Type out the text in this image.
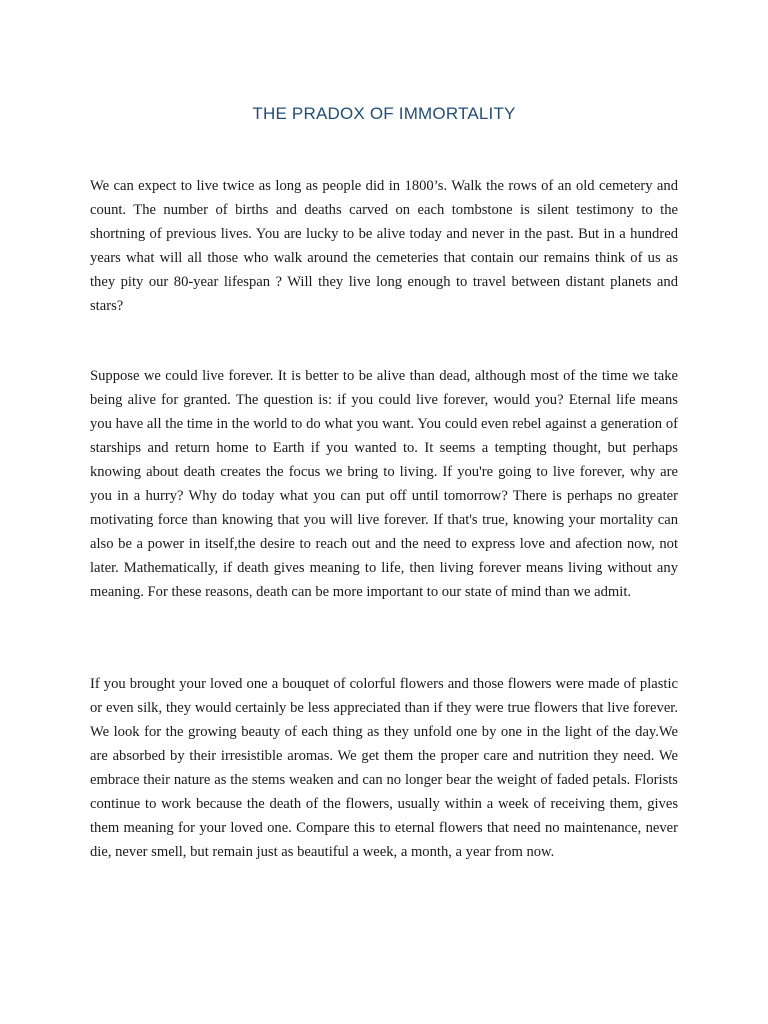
THE PRADOX OF IMMORTALITY

We can expect to live twice as long as people did in 1800’s. Walk the rows of an old cemetery and count. The number of births and deaths carved on each tombstone is silent testimony to the shortning of previous lives. You are lucky to be alive today and never in the past. But in a hundred years what will all those who walk around the cemeteries that contain our remains think of us as they pity our 80-year lifespan ? Will they live long enough to travel between distant planets and stars?

Suppose we could live forever. It is better to be alive than dead, although most of the time we take being alive for granted. The question is: if you could live forever, would you? Eternal life means you have all the time in the world to do what you want. You could even rebel against a generation of starships and return home to Earth if you wanted to. It seems a tempting thought, but perhaps knowing about death creates the focus we bring to living. If you're going to live forever, why are you in a hurry? Why do today what you can put off until tomorrow? There is perhaps no greater motivating force than knowing that you will live forever. If that's true, knowing your mortality can also be a power in itself,the desire to reach out and the need to express love and afection now, not later. Mathematically, if death gives meaning to life, then living forever means living without any meaning. For these reasons, death can be more important to our state of mind than we admit.

If you brought your loved one a bouquet of colorful flowers and those flowers were made of plastic or even silk, they would certainly be less appreciated than if they were true flowers that live forever. We look for the growing beauty of each thing as they unfold one by one in the light of the day.We are absorbed by their irresistible aromas. We get them the proper care and nutrition they need. We embrace their nature as the stems weaken and can no longer bear the weight of faded petals. Florists continue to work because the death of the flowers, usually within a week of receiving them, gives them meaning for your loved one. Compare this to eternal flowers that need no maintenance, never die, never smell, but remain just as beautiful a week, a month, a year from now.
